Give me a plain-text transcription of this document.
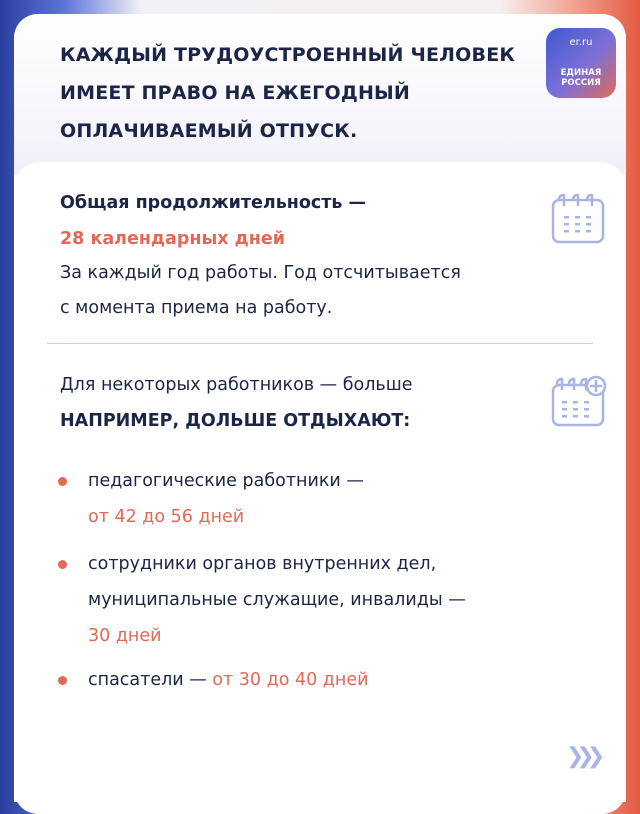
КАЖДЫЙ ТРУДОУСТРОЕННЫЙ ЧЕЛОВЕК
ИМЕЕТ ПРАВО НА ЕЖЕГОДНЫЙ
ОПЛАЧИВАЕМЫЙ ОТПУСК.
er.ru
ЕДИНАЯ
РОССИЯ
Общая продолжительность —
28 календарных дней
За каждый год работы. Год отсчитывается
с момента приема на работу.
Для некоторых работников — больше
НАПРИМЕР, ДОЛЬШЕ ОТДЫХАЮТ:
педагогические работники —
от 42 до 56 дней
сотрудники органов внутренних дел,
муниципальные служащие, инвалиды —
30 дней
спасатели — от 30 до 40 дней
❯❯❯
